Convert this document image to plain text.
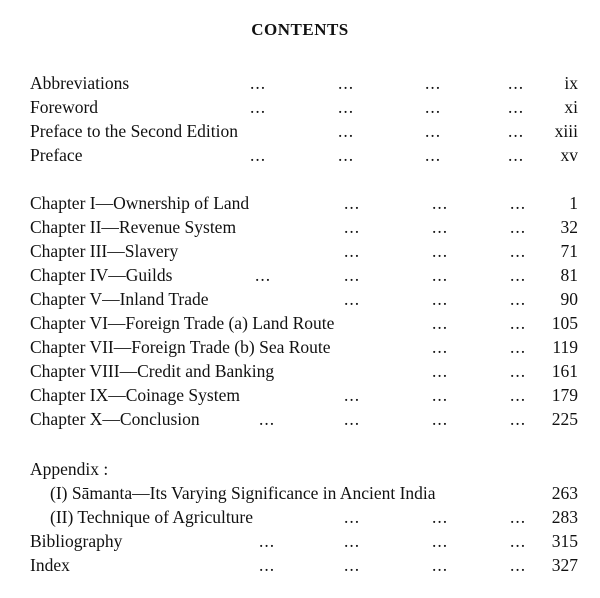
CONTENTS
Abbreviations	...	...	...	... ix
Foreword	...	...	...	... xi
Preface to the Second Edition	...	...	... xiii
Preface	...	...	...	... xv
Chapter I—Ownership of Land	...	...	... 1
Chapter II—Revenue System	...	...	... 32
Chapter III—Slavery	...	...	... 71
Chapter IV—Guilds	...	...	...	... 81
Chapter V—Inland Trade	...	...	... 90
Chapter VI—Foreign Trade (a) Land Route	...	... 105
Chapter VII—Foreign Trade (b) Sea Route	...	... 119
Chapter VIII—Credit and Banking	...	... 161
Chapter IX—Coinage System	...	...	... 179
Chapter X—Conclusion	...	...	...	... 225
Appendix :
(I) Sāmanta—Its Varying Significance in Ancient India	263
(II) Technique of Agriculture	...	...	... 283
Bibliography	...	...	...	... 315
Index	...	...	...	... 327
